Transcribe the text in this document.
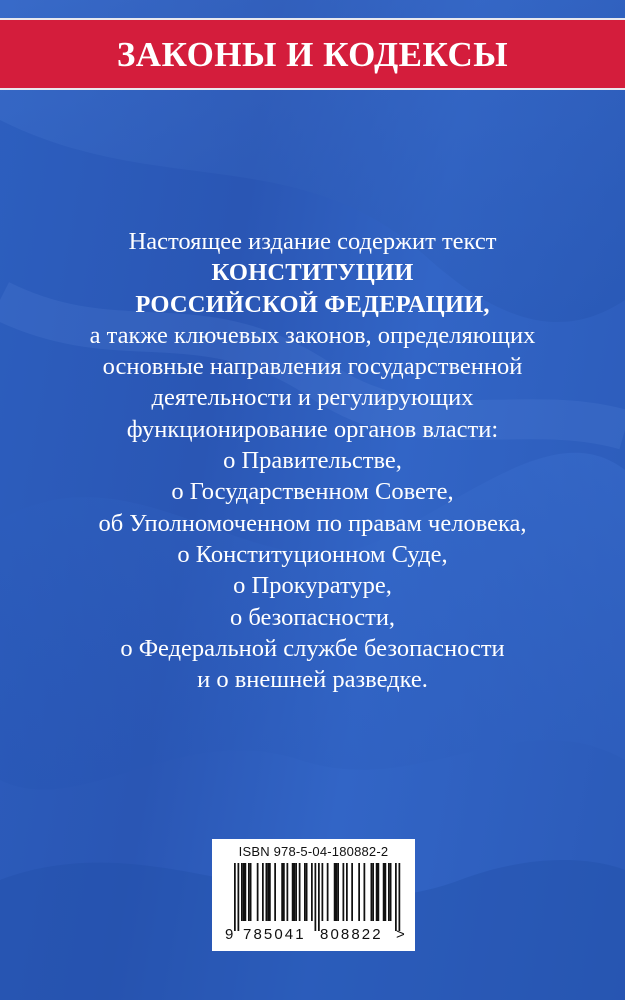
ЗАКОНЫ И КОДЕКСЫ
Настоящее издание содержит текст
КОНСТИТУЦИИ
РОССИЙСКОЙ ФЕДЕРАЦИИ,
а также ключевых законов, определяющих
основные направления государственной
деятельности и регулирующих
функционирование органов власти:
о Правительстве,
о Государственном Совете,
об Уполномоченном по правам человека,
о Конституционном Суде,
о Прокуратуре,
о безопасности,
о Федеральной службе безопасности
и о внешней разведке.
ISBN 978-5-04-180882-2
9 785041 808822 >
